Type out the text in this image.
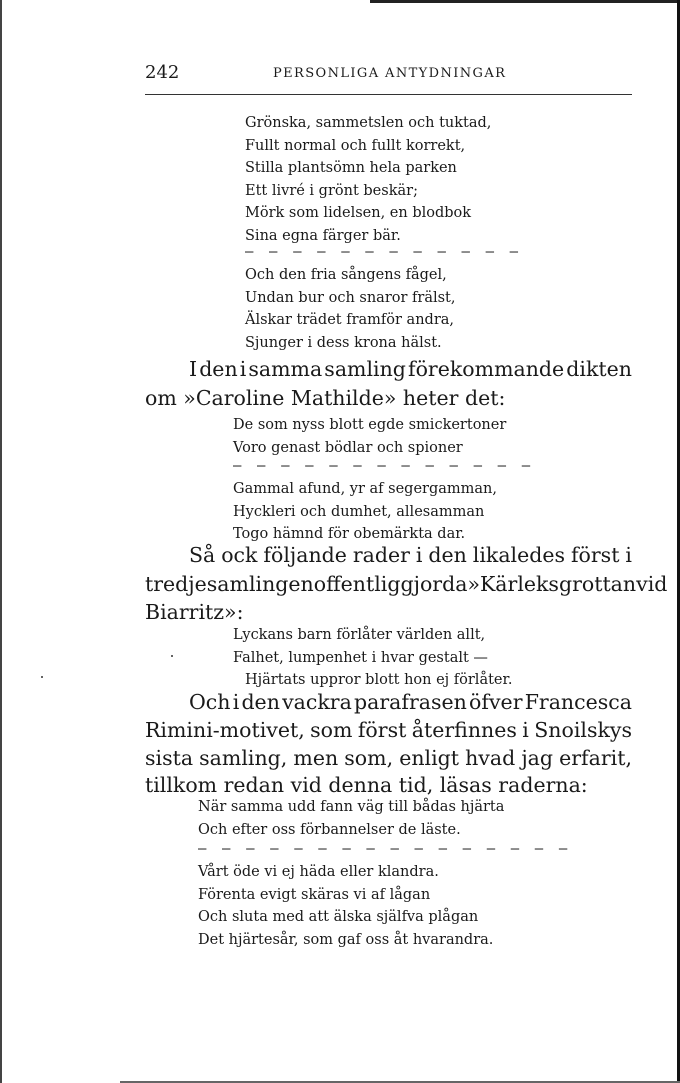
242	PERSONLIGA ANTYDNINGAR
Grönska, sammetslen och tuktad,
Fullt normal och fullt korrekt,
Stilla plantsömn hela parken
Ett livré i grönt beskär;
Mörk som lidelsen, en blodbok
Sina egna färger bär.
— — — — — — — — — — — —
Och den fria sångens fågel,
Undan bur och snaror frälst,
Älskar trädet framför andra,
Sjunger i dess krona hälst.
I den i samma samling förekommande dikten
om »Caroline Mathilde» heter det:
De som nyss blott egde smickertoner
Voro genast bödlar och spioner
— — — — — — — — — — — — —
Gammal afund, yr af segergamman,
Hyckleri och dumhet, allesamman
Togo hämnd för obemärkta dar.
Så ock följande rader i den likaledes först i
tredje samlingen offentliggjorda »Kärleksgrottan vid
Biarritz»:
Lyckans barn förlåter världen allt,
Falhet, lumpenhet i hvar gestalt —
Hjärtats uppror blott hon ej förlåter.
Och i den vackra parafrasen öfver Francesca
Rimini-motivet, som först återfinnes i Snoilskys
sista samling, men som, enligt hvad jag erfarit,
tillkom redan vid denna tid, läsas raderna:
När samma udd fann väg till bådas hjärta
Och efter oss förbannelser de läste.
— — — — — — — — — — — — — — — —
Vårt öde vi ej häda eller klandra.
Förenta evigt skäras vi af lågan
Och sluta med att älska själfva plågan
Det hjärtesår, som gaf oss åt hvarandra.
